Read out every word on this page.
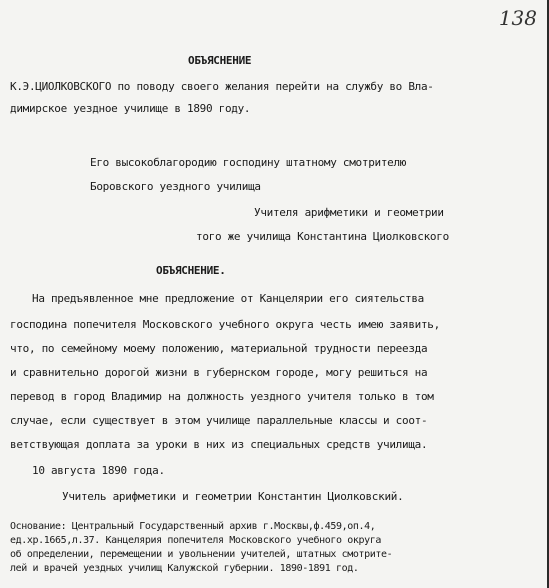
138
ОБЪЯСНЕНИЕ
К.Э.ЦИОЛКОВСКОГО по поводу своего желания перейти на службу во Вла-
димирское уездное училище в 1890 году.
Его высокоблагородию господину штатному смотрителю
Боровского уездного училища
Учителя арифметики и геометрии
того же училища Константина Циолковского
ОБЪЯСНЕНИЕ.
На предъявленное мне предложение от Канцелярии его сиятельства
господина попечителя Московского учебного округа честь имею заявить,
что, по семейному моему положению, материальной трудности переезда
и сравнительно дорогой жизни в губернском городе, могу решиться на
перевод в город Владимир на должность уездного учителя только в том
случае, если существует в этом училище параллельные классы и соот-
ветствующая доплата за уроки в них из специальных средств училища.
10 августа 1890 года.
Учитель арифметики и геометрии Константин Циолковский.
Основание: Центральный Государственный архив г.Москвы,ф.459,оп.4,
ед.хр.1665,л.37. Канцелярия попечителя Московского учебного округа
об определении, перемещении и увольнении учителей, штатных смотрите-
лей и врачей уездных училищ Калужской губернии. 1890-1891 год.
